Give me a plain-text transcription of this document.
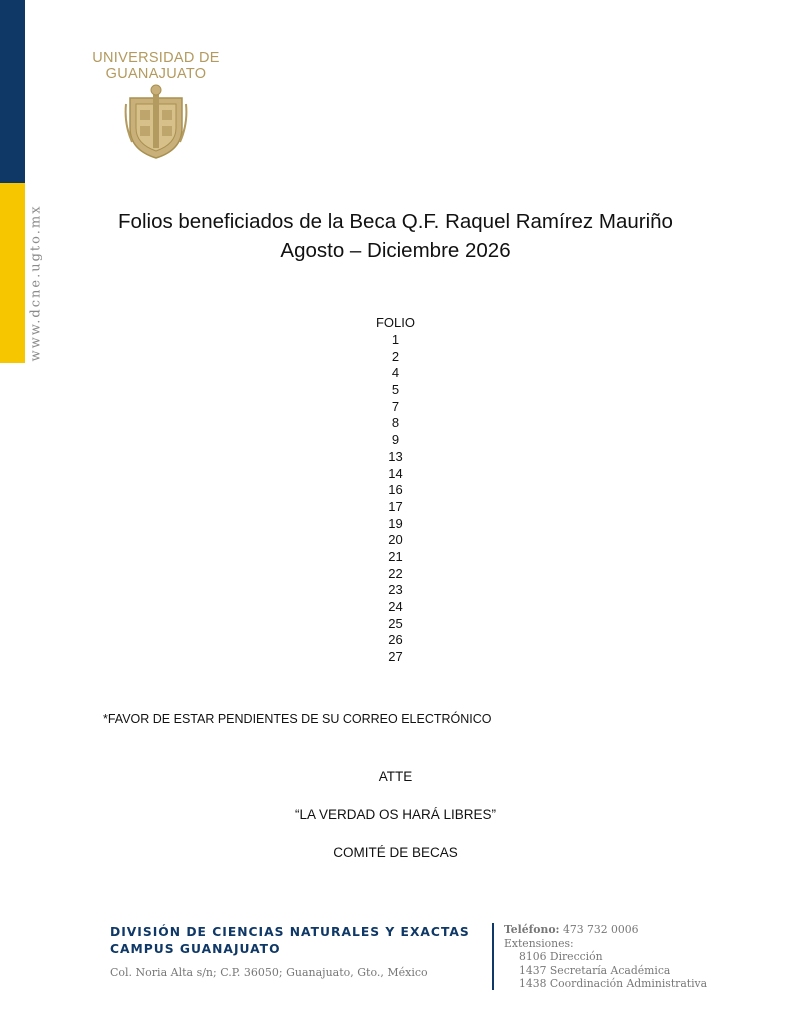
www.dcne.ugto.mx
UNIVERSIDAD DE
GUANAJUATO
Folios beneficiados de la Beca Q.F. Raquel Ramírez Mauriño
Agosto – Diciembre 2026
FOLIO
1
2
4
5
7
8
9
13
14
16
17
19
20
21
22
23
24
25
26
27
*FAVOR DE ESTAR PENDIENTES DE SU CORREO ELECTRÓNICO
ATTE
“LA VERDAD OS HARÁ LIBRES”
COMITÉ DE BECAS
DIVISIÓN DE CIENCIAS NATURALES Y EXACTAS
CAMPUS GUANAJUATO
Col. Noria Alta s/n; C.P. 36050; Guanajuato, Gto., México
Teléfono: 473 732 0006
Extensiones:
8106 Dirección
1437 Secretaría Académica
1438 Coordinación Administrativa
